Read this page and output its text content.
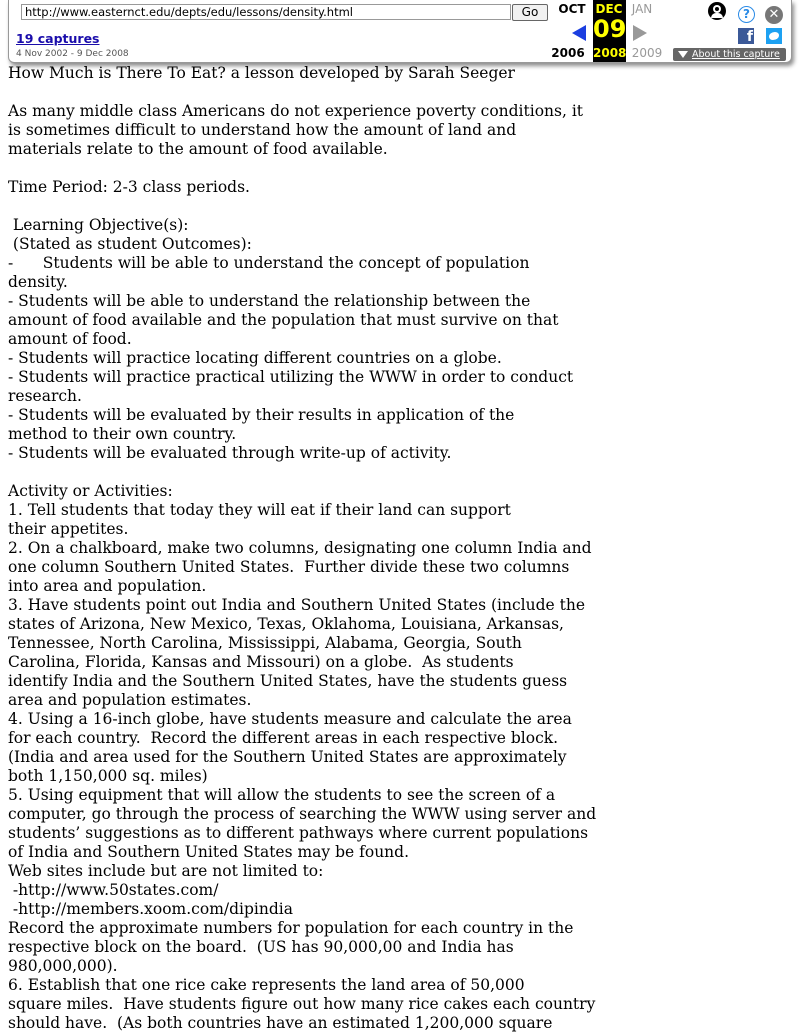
http://www.easternct.edu/depts/edu/lessons/density.html	Go
19 captures
4 Nov 2002 - 9 Dec 2008
OCT DEC JAN
09
2006 2008 2009
?	✕
f
About this capture

How Much is There To Eat? a lesson developed by Sarah Seeger

As many middle class Americans do not experience poverty conditions, it

is sometimes difficult to understand how the amount of land and

materials relate to the amount of food available.

Time Period: 2-3 class periods.

Learning Objective(s):

(Stated as student Outcomes):

-      Students will be able to understand the concept of population

density.

- Students will be able to understand the relationship between the

amount of food available and the population that must survive on that

amount of food.

- Students will practice locating different countries on a globe.

- Students will practice practical utilizing the WWW in order to conduct

research.

- Students will be evaluated by their results in application of the

method to their own country.

- Students will be evaluated through write-up of activity.

Activity or Activities:

1. Tell students that today they will eat if their land can support

their appetites.

2. On a chalkboard, make two columns, designating one column India and

one column Southern United States.  Further divide these two columns

into area and population.

3. Have students point out India and Southern United States (include the

states of Arizona, New Mexico, Texas, Oklahoma, Louisiana, Arkansas,

Tennessee, North Carolina, Mississippi, Alabama, Georgia, South

Carolina, Florida, Kansas and Missouri) on a globe.  As students

identify India and the Southern United States, have the students guess

area and population estimates.

4. Using a 16-inch globe, have students measure and calculate the area

for each country.  Record the different areas in each respective block.

(India and area used for the Southern United States are approximately

both 1,150,000 sq. miles)

5. Using equipment that will allow the students to see the screen of a

computer, go through the process of searching the WWW using server and

students’ suggestions as to different pathways where current populations

of India and Southern United States may be found.

Web sites include but are not limited to:

-http://www.50states.com/

-http://members.xoom.com/dipindia

Record the approximate numbers for population for each country in the

respective block on the board.  (US has 90,000,00 and India has

980,000,000).

6. Establish that one rice cake represents the land area of 50,000

square miles.  Have students figure out how many rice cakes each country

should have.  (As both countries have an estimated 1,200,000 square
